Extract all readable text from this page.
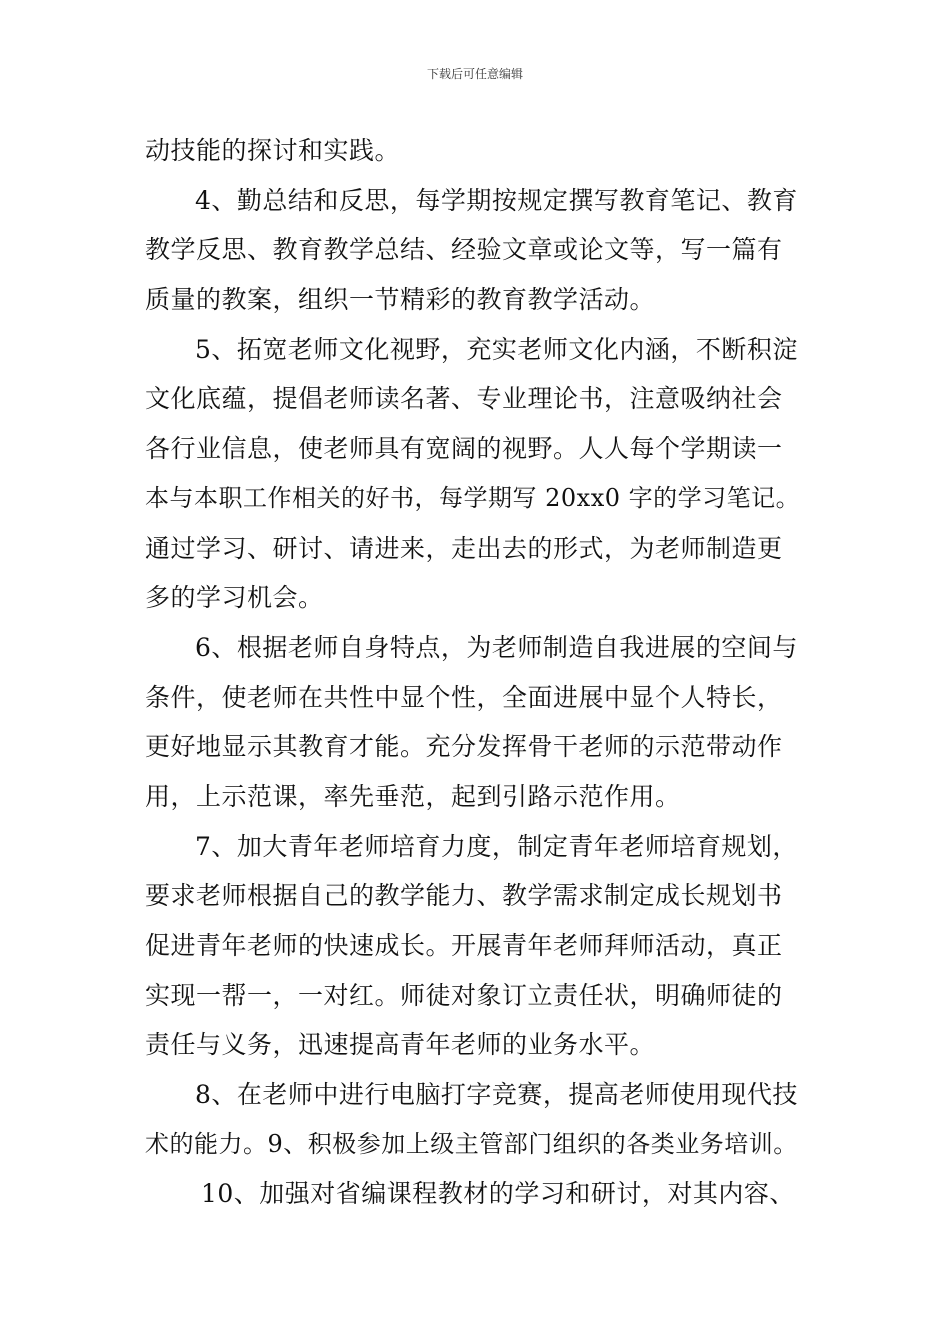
下载后可任意编辑
动技能的探讨和实践。
4、勤总结和反思，每学期按规定撰写教育笔记、教育
教学反思、教育教学总结、经验文章或论文等，写一篇有
质量的教案，组织一节精彩的教育教学活动。
5、拓宽老师文化视野，充实老师文化内涵，不断积淀
文化底蕴，提倡老师读名著、专业理论书，注意吸纳社会
各行业信息，使老师具有宽阔的视野。人人每个学期读一
本与本职工作相关的好书，每学期写 20xx0 字的学习笔记。
通过学习、研讨、请进来，走出去的形式，为老师制造更
多的学习机会。
6、根据老师自身特点，为老师制造自我进展的空间与
条件，使老师在共性中显个性，全面进展中显个人特长，
更好地显示其教育才能。充分发挥骨干老师的示范带动作
用，上示范课，率先垂范，起到引路示范作用。
7、加大青年老师培育力度，制定青年老师培育规划，
要求老师根据自己的教学能力、教学需求制定成长规划书
促进青年老师的快速成长。开展青年老师拜师活动，真正
实现一帮一，一对红。师徒对象订立责任状，明确师徒的
责任与义务，迅速提高青年老师的业务水平。
8、在老师中进行电脑打字竞赛，提高老师使用现代技
术的能力。9、积极参加上级主管部门组织的各类业务培训。
10、加强对省编课程教材的学习和研讨，对其内容、
